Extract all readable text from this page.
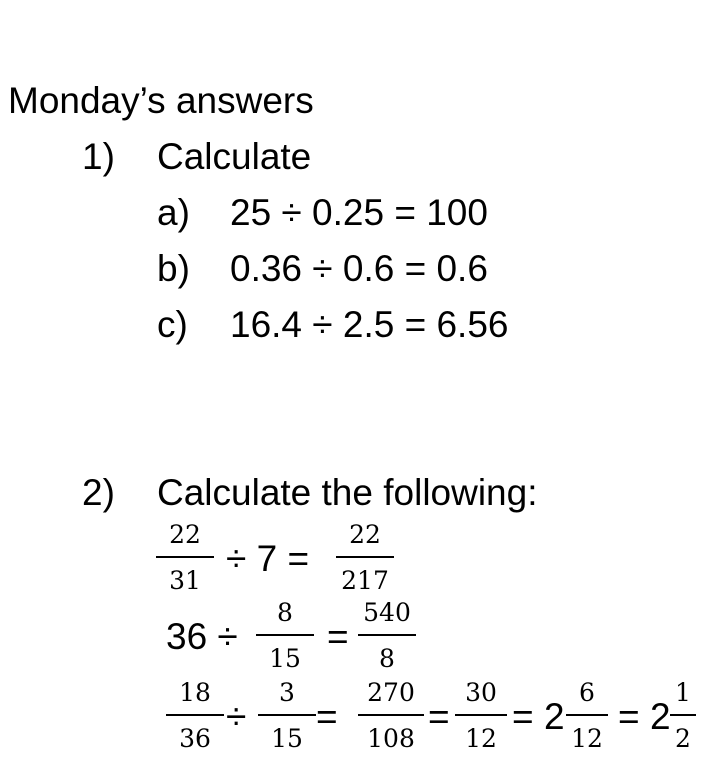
Monday’s answers
1) Calculate
a) 25 ÷ 0.25 = 100
b) 0.36 ÷ 0.6 = 0.6
c) 16.4 ÷ 2.5 = 6.56
2) Calculate the following:
22
31
÷ 7 =
22
217
36 ÷
8
15
=
540
8
18
36
÷
3
15
=
270
108
=
30
12
= 2
6
12
= 2
1
2
